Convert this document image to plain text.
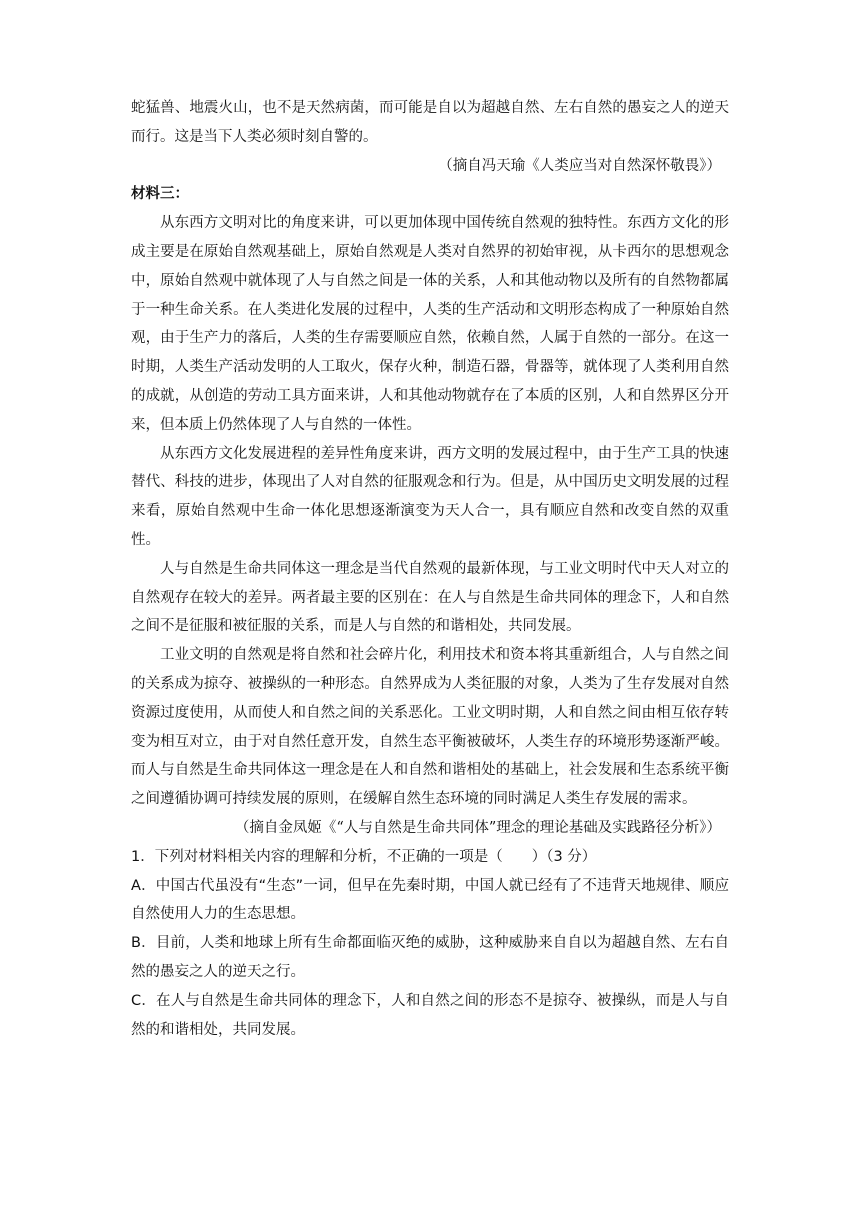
蛇猛兽、地震火山，也不是天然病菌，而可能是自以为超越自然、左右自然的愚妄之人的逆天而行。这是当下人类必须时刻自警的。

（摘自冯天瑜《人类应当对自然深怀敬畏》）

材料三：

从东西方文明对比的角度来讲，可以更加体现中国传统自然观的独特性。东西方文化的形成主要是在原始自然观基础上，原始自然观是人类对自然界的初始审视，从卡西尔的思想观念中，原始自然观中就体现了人与自然之间是一体的关系，人和其他动物以及所有的自然物都属于一种生命关系。在人类进化发展的过程中，人类的生产活动和文明形态构成了一种原始自然观，由于生产力的落后，人类的生存需要顺应自然，依赖自然，人属于自然的一部分。在这一时期，人类生产活动发明的人工取火，保存火种，制造石器，骨器等，就体现了人类利用自然的成就，从创造的劳动工具方面来讲，人和其他动物就存在了本质的区别，人和自然界区分开来，但本质上仍然体现了人与自然的一体性。

从东西方文化发展进程的差异性角度来讲，西方文明的发展过程中，由于生产工具的快速替代、科技的进步，体现出了人对自然的征服观念和行为。但是，从中国历史文明发展的过程来看，原始自然观中生命一体化思想逐渐演变为天人合一，具有顺应自然和改变自然的双重性。

人与自然是生命共同体这一理念是当代自然观的最新体现，与工业文明时代中天人对立的自然观存在较大的差异。两者最主要的区别在：在人与自然是生命共同体的理念下，人和自然之间不是征服和被征服的关系，而是人与自然的和谐相处，共同发展。

工业文明的自然观是将自然和社会碎片化，利用技术和资本将其重新组合，人与自然之间的关系成为掠夺、被操纵的一种形态。自然界成为人类征服的对象，人类为了生存发展对自然资源过度使用，从而使人和自然之间的关系恶化。工业文明时期，人和自然之间由相互依存转变为相互对立，由于对自然任意开发，自然生态平衡被破坏，人类生存的环境形势逐渐严峻。而人与自然是生命共同体这一理念是在人和自然和谐相处的基础上，社会发展和生态系统平衡之间遵循协调可持续发展的原则，在缓解自然生态环境的同时满足人类生存发展的需求。

（摘自金凤姬《“人与自然是生命共同体”理念的理论基础及实践路径分析》）

1．下列对材料相关内容的理解和分析，不正确的一项是（　　）（3 分）

A．中国古代虽没有“生态”一词，但早在先秦时期，中国人就已经有了不违背天地规律、顺应自然使用人力的生态思想。

B．目前，人类和地球上所有生命都面临灭绝的威胁，这种威胁来自自以为超越自然、左右自然的愚妄之人的逆天之行。

C．在人与自然是生命共同体的理念下，人和自然之间的形态不是掠夺、被操纵，而是人与自然的和谐相处，共同发展。
